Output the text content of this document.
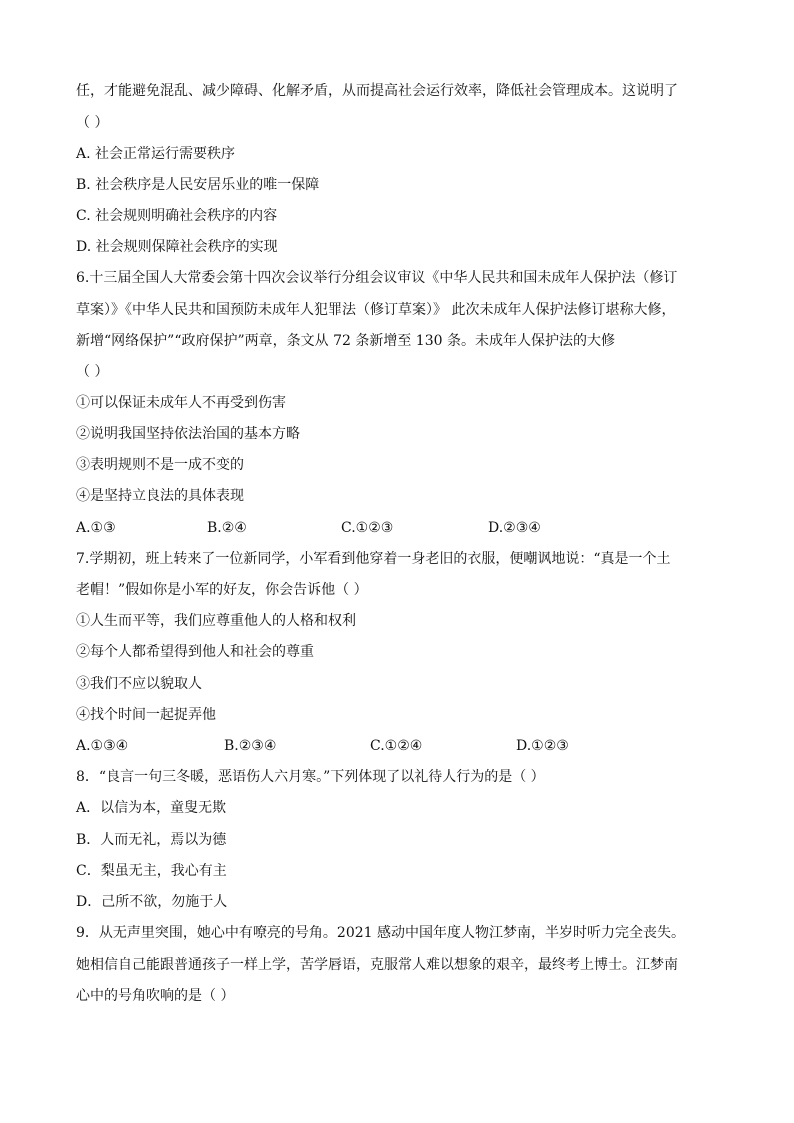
任，才能避免混乱、减少障碍、化解矛盾，从而提高社会运行效率，降低社会管理成本。这说明了
（ ）
A. 社会正常运行需要秩序
B. 社会秩序是人民安居乐业的唯一保障
C. 社会规则明确社会秩序的内容
D. 社会规则保障社会秩序的实现
6.十三届全国人大常委会第十四次会议举行分组会议审议《中华人民共和国未成年人保护法（修订
草案）》《中华人民共和国预防未成年人犯罪法（修订草案）》 此次未成年人保护法修订堪称大修，
新增“网络保护”“政府保护”两章，条文从 72 条新增至 130 条。未成年人保护法的大修
（ ）
①可以保证未成年人不再受到伤害
②说明我国坚持依法治国的基本方略
③表明规则不是一成不变的
④是坚持立良法的具体表现
A.①③	B.②④	C.①②③	D.②③④
7.学期初，班上转来了一位新同学，小军看到他穿着一身老旧的衣服，便嘲讽地说：“真是一个土
老帽！”假如你是小军的好友，你会告诉他（ ）
①人生而平等，我们应尊重他人的人格和权利
②每个人都希望得到他人和社会的尊重
③我们不应以貌取人
④找个时间一起捉弄他
A.①③④	B.②③④	C.①②④	D.①②③
8．“良言一句三冬暖，恶语伤人六月寒。”下列体现了以礼待人行为的是（ ）
A．以信为本，童叟无欺
B．人而无礼，焉以为德
C．梨虽无主，我心有主
D．己所不欲，勿施于人
9．从无声里突围，她心中有嘹亮的号角。2021 感动中国年度人物江梦南，半岁时听力完全丧失。
她相信自己能跟普通孩子一样上学，苦学唇语，克服常人难以想象的艰辛，最终考上博士。江梦南
心中的号角吹响的是（ ）
